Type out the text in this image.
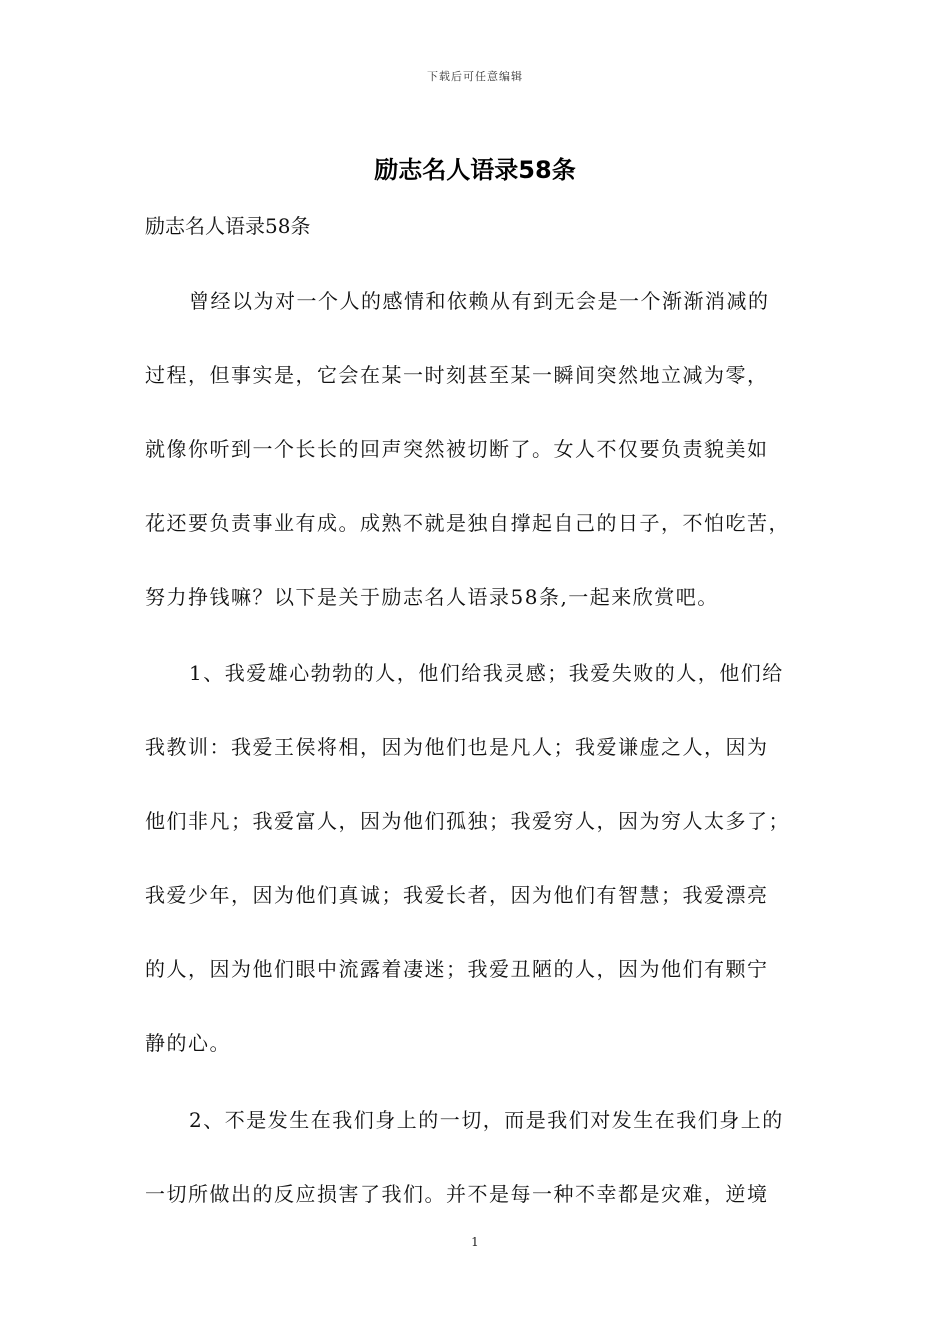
下载后可任意编辑
励志名人语录58条
励志名人语录58条
曾经以为对一个人的感情和依赖从有到无会是一个渐渐消减的
过程，但事实是，它会在某一时刻甚至某一瞬间突然地立减为零，
就像你听到一个长长的回声突然被切断了。女人不仅要负责貌美如
花还要负责事业有成。成熟不就是独自撑起自己的日子，不怕吃苦，
努力挣钱嘛？以下是关于励志名人语录58条,一起来欣赏吧。
1、我爱雄心勃勃的人，他们给我灵感；我爱失败的人，他们给
我教训：我爱王侯将相，因为他们也是凡人；我爱谦虚之人，因为
他们非凡；我爱富人，因为他们孤独；我爱穷人，因为穷人太多了；
我爱少年，因为他们真诚；我爱长者，因为他们有智慧；我爱漂亮
的人，因为他们眼中流露着凄迷；我爱丑陋的人，因为他们有颗宁
静的心。
2、不是发生在我们身上的一切，而是我们对发生在我们身上的
一切所做出的反应损害了我们。并不是每一种不幸都是灾难，逆境
1
